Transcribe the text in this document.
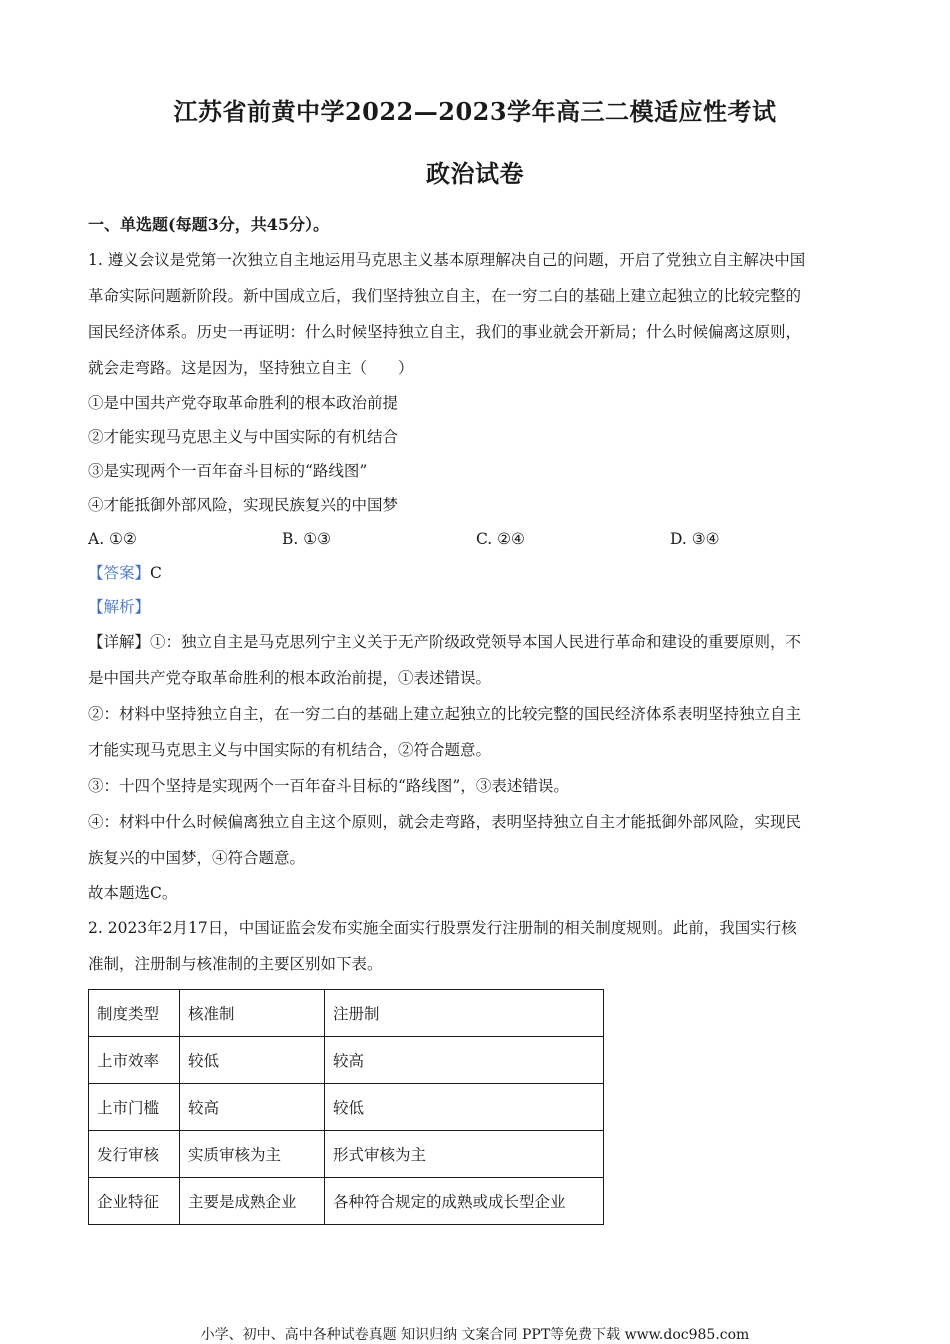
江苏省前黄中学2022—2023学年高三二模适应性考试
政治试卷
一、单选题(每题3分，共45分）。
1. 遵义会议是党第一次独立自主地运用马克思主义基本原理解决自己的问题，开启了党独立自主解决中国
革命实际问题新阶段。新中国成立后，我们坚持独立自主，在一穷二白的基础上建立起独立的比较完整的
国民经济体系。历史一再证明：什么时候坚持独立自主，我们的事业就会开新局；什么时候偏离这原则，
就会走弯路。这是因为，坚持独立自主（　　）
①是中国共产党夺取革命胜利的根本政治前提
②才能实现马克思主义与中国实际的有机结合
③是实现两个一百年奋斗目标的“路线图”
④才能抵御外部风险，实现民族复兴的中国梦
A. ①②	B. ①③	C. ②④	D. ③④
【答案】C
【解析】
【详解】①：独立自主是马克思列宁主义关于无产阶级政党领导本国人民进行革命和建设的重要原则，不
是中国共产党夺取革命胜利的根本政治前提，①表述错误。
②：材料中坚持独立自主，在一穷二白的基础上建立起独立的比较完整的国民经济体系表明坚持独立自主
才能实现马克思主义与中国实际的有机结合，②符合题意。
③：十四个坚持是实现两个一百年奋斗目标的“路线图”，③表述错误。
④：材料中什么时候偏离独立自主这个原则，就会走弯路，表明坚持独立自主才能抵御外部风险，实现民
族复兴的中国梦，④符合题意。
故本题选C。
2. 2023年2月17日，中国证监会发布实施全面实行股票发行注册制的相关制度规则。此前，我国实行核
准制，注册制与核准制的主要区别如下表。
制度类型	核准制	注册制
上市效率	较低	较高
上市门槛	较高	较低
发行审核	实质审核为主	形式审核为主
企业特征	主要是成熟企业	各种符合规定的成熟或成长型企业
小学、初中、高中各种试卷真题 知识归纳 文案合同 PPT等免费下载 www.doc985.com
